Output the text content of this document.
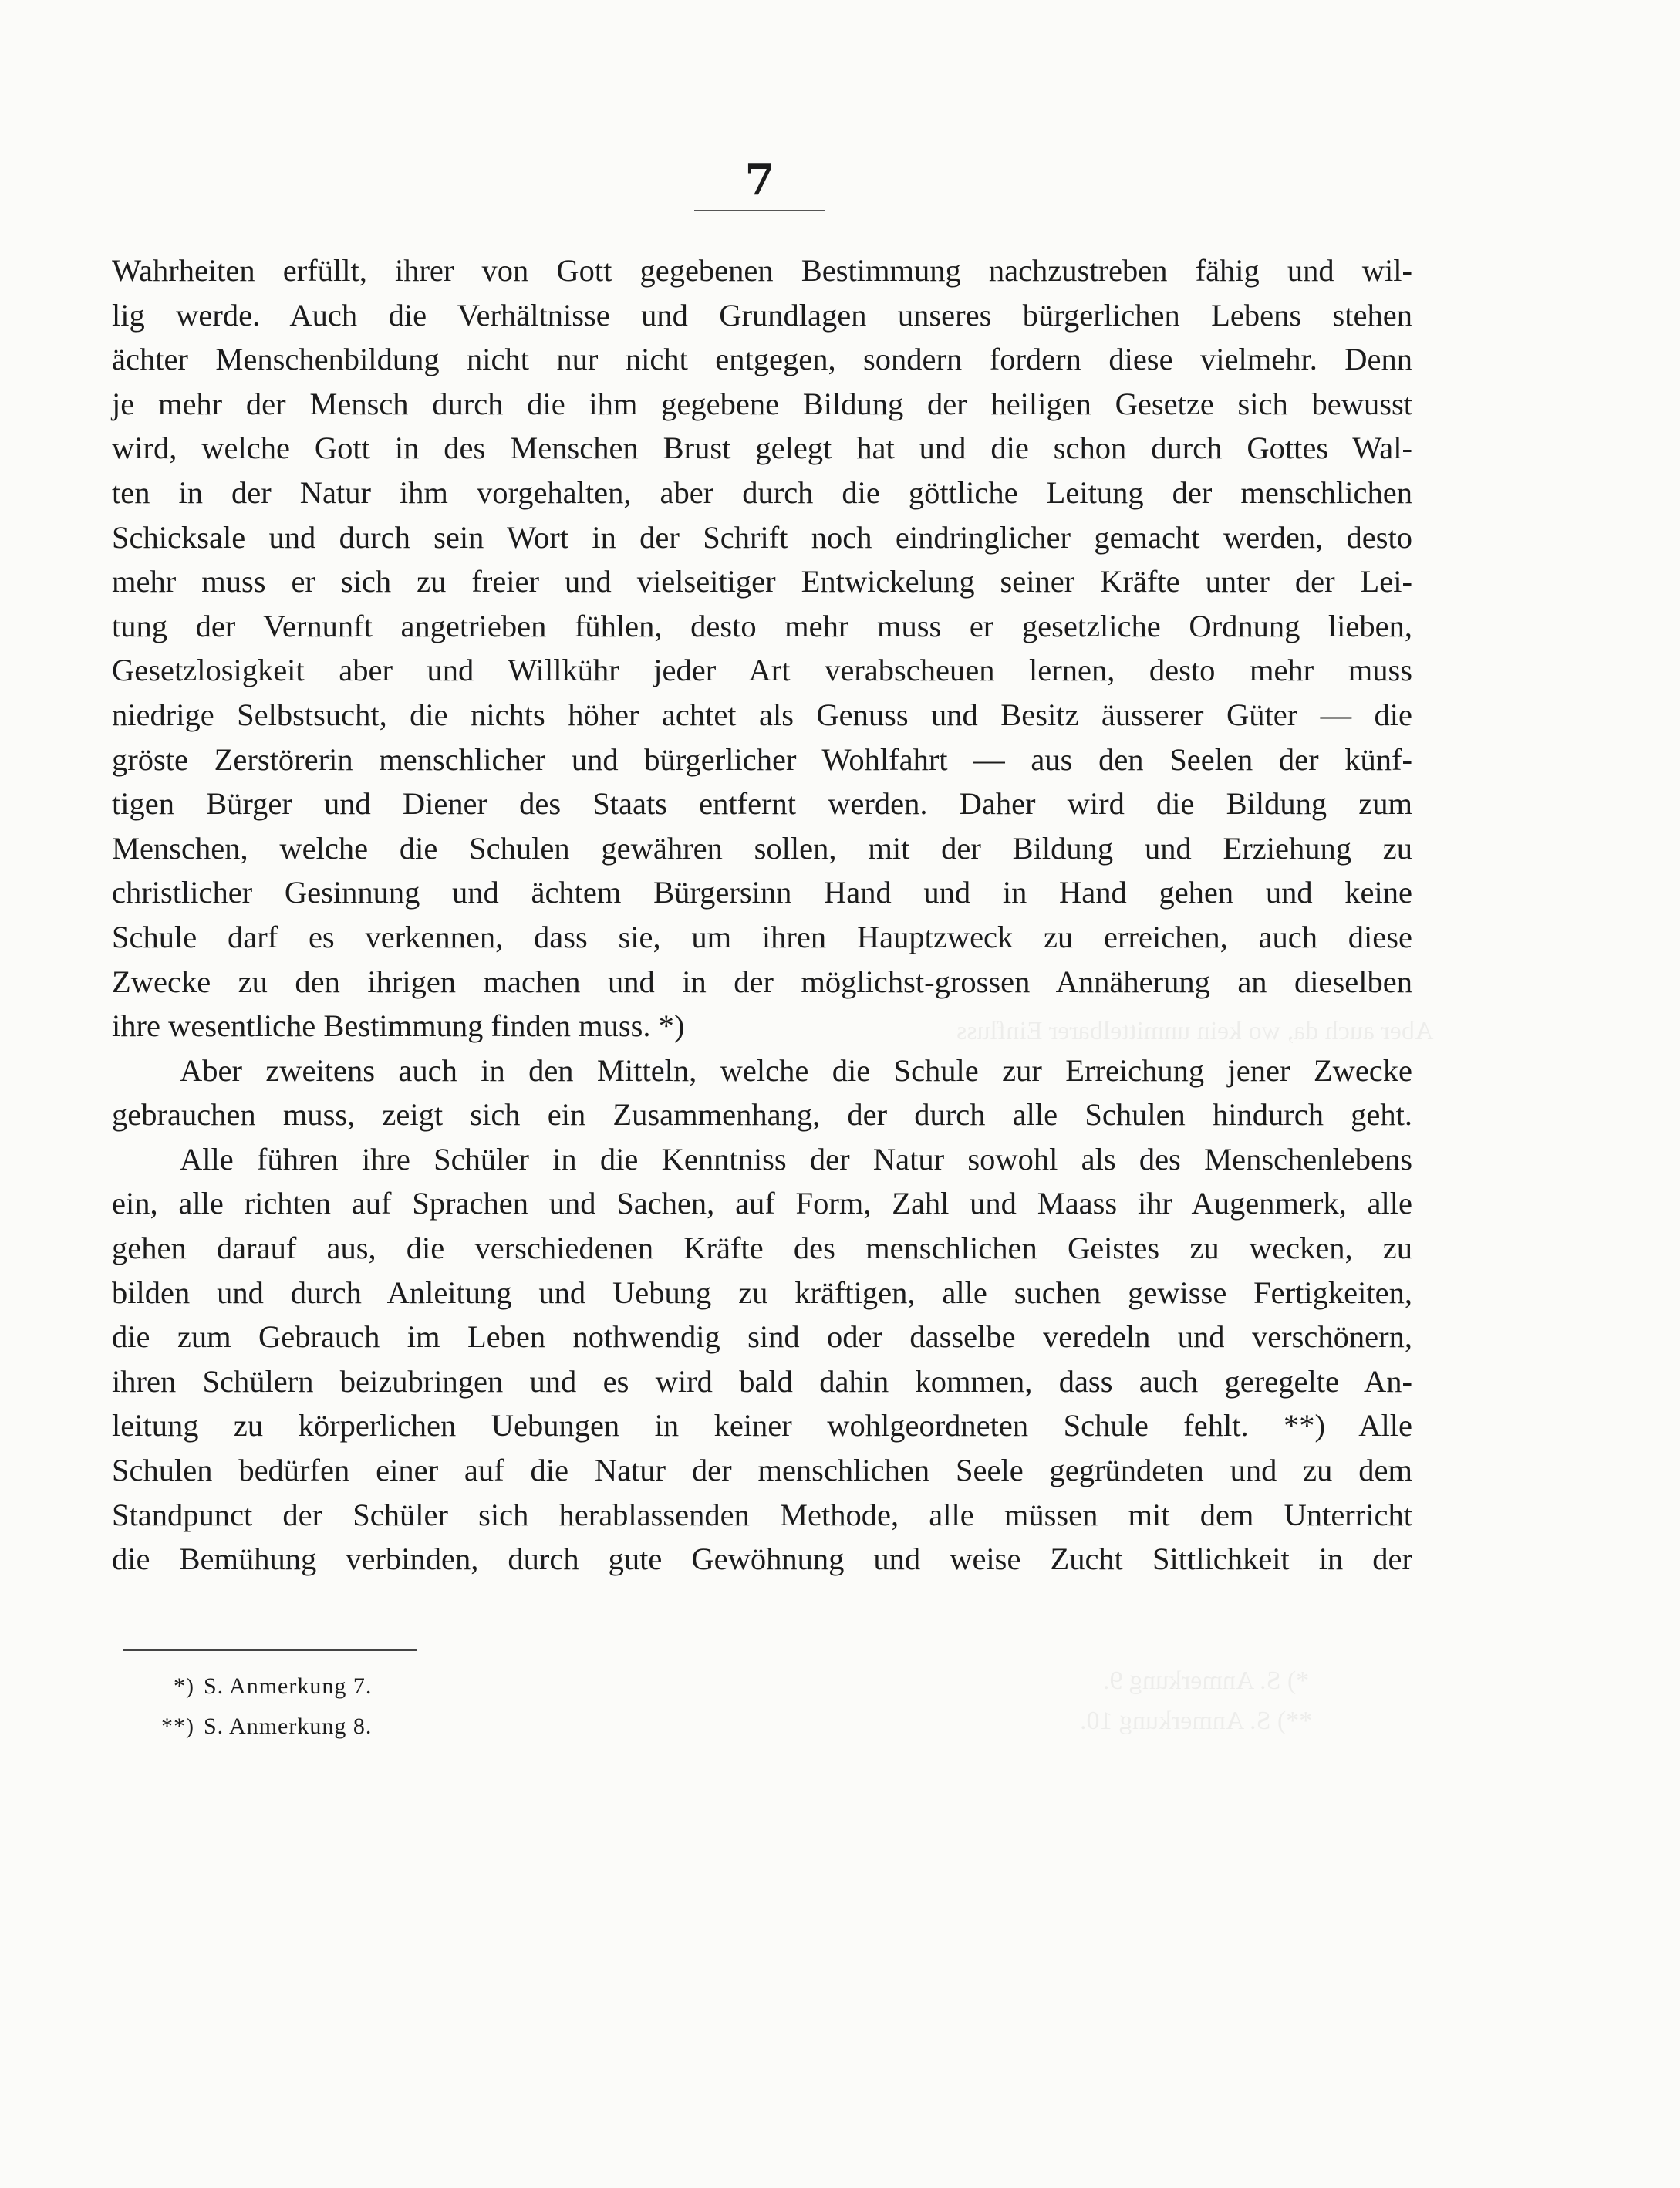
7
Wahrheiten erfüllt, ihrer von Gott gegebenen Bestimmung nachzustreben fähig und wil-
lig werde. Auch die Verhältnisse und Grundlagen unseres bürgerlichen Lebens stehen
ächter Menschenbildung nicht nur nicht entgegen, sondern fordern diese vielmehr. Denn
je mehr der Mensch durch die ihm gegebene Bildung der heiligen Gesetze sich bewusst
wird, welche Gott in des Menschen Brust gelegt hat und die schon durch Gottes Wal-
ten in der Natur ihm vorgehalten, aber durch die göttliche Leitung der menschlichen
Schicksale und durch sein Wort in der Schrift noch eindringlicher gemacht werden, desto
mehr muss er sich zu freier und vielseitiger Entwickelung seiner Kräfte unter der Lei-
tung der Vernunft angetrieben fühlen, desto mehr muss er gesetzliche Ordnung lieben,
Gesetzlosigkeit aber und Willkühr jeder Art verabscheuen lernen, desto mehr muss
niedrige Selbstsucht, die nichts höher achtet als Genuss und Besitz äusserer Güter — die
gröste Zerstörerin menschlicher und bürgerlicher Wohlfahrt — aus den Seelen der künf-
tigen Bürger und Diener des Staats entfernt werden. Daher wird die Bildung zum
Menschen, welche die Schulen gewähren sollen, mit der Bildung und Erziehung zu
christlicher Gesinnung und ächtem Bürgersinn Hand und in Hand gehen und keine
Schule darf es verkennen, dass sie, um ihren Hauptzweck zu erreichen, auch diese
Zwecke zu den ihrigen machen und in der möglichst-grossen Annäherung an dieselben
ihre wesentliche Bestimmung finden muss. *)
Aber zweitens auch in den Mitteln, welche die Schule zur Erreichung jener Zwecke
gebrauchen muss, zeigt sich ein Zusammenhang, der durch alle Schulen hindurch geht.
Alle führen ihre Schüler in die Kenntniss der Natur sowohl als des Menschenlebens
ein, alle richten auf Sprachen und Sachen, auf Form, Zahl und Maass ihr Augenmerk, alle
gehen darauf aus, die verschiedenen Kräfte des menschlichen Geistes zu wecken, zu
bilden und durch Anleitung und Uebung zu kräftigen, alle suchen gewisse Fertigkeiten,
die zum Gebrauch im Leben nothwendig sind oder dasselbe veredeln und verschönern,
ihren Schülern beizubringen und es wird bald dahin kommen, dass auch geregelte An-
leitung zu körperlichen Uebungen in keiner wohlgeordneten Schule fehlt. **) Alle
Schulen bedürfen einer auf die Natur der menschlichen Seele gegründeten und zu dem
Standpunct der Schüler sich herablassenden Methode, alle müssen mit dem Unterricht
die Bemühung verbinden, durch gute Gewöhnung und weise Zucht Sittlichkeit in der
*) S. Anmerkung 7.
**) S. Anmerkung 8.
Aber auch da, wo kein unmittelbarer Einfluss
*) S. Anmerkung 9.
**) S. Anmerkung 10.
